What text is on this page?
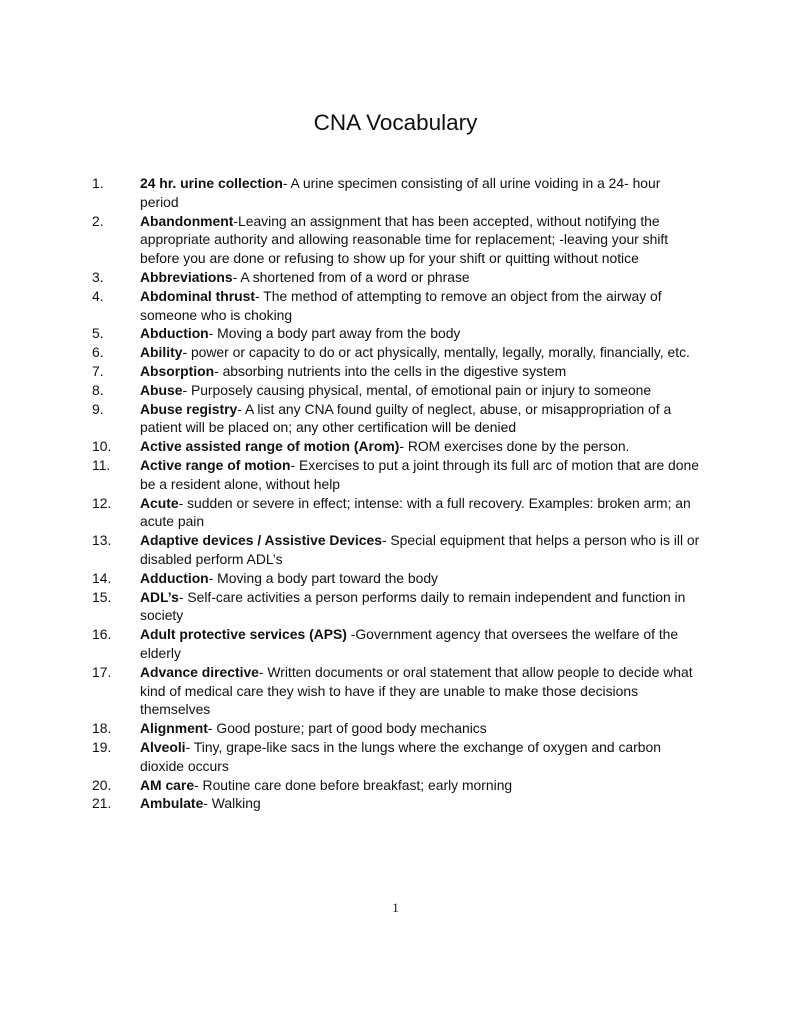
CNA Vocabulary
1.	24 hr. urine collection- A urine specimen consisting of all urine voiding in a 24- hour period
2.	Abandonment-Leaving an assignment that has been accepted, without notifying the appropriate authority and allowing reasonable time for replacement; -leaving your shift before you are done or refusing to show up for your shift or quitting without notice
3.	Abbreviations- A shortened from of a word or phrase
4.	Abdominal thrust- The method of attempting to remove an object from the airway of someone who is choking
5.	Abduction- Moving a body part away from the body
6.	Ability- power or capacity to do or act physically, mentally, legally, morally, financially, etc.
7.	Absorption- absorbing nutrients into the cells in the digestive system
8.	Abuse- Purposely causing physical, mental, of emotional pain or injury to someone
9.	Abuse registry- A list any CNA found guilty of neglect, abuse, or misappropriation of a patient will be placed on; any other certification will be denied
10.	Active assisted range of motion (Arom)- ROM exercises done by the person.
11.	Active range of motion- Exercises to put a joint through its full arc of motion that are done be a resident alone, without help
12.	Acute- sudden or severe in effect; intense: with a full recovery. Examples: broken arm; an acute pain
13.	Adaptive devices / Assistive Devices- Special equipment that helps a person who is ill or disabled perform ADL’s
14.	Adduction- Moving a body part toward the body
15.	ADL’s- Self-care activities a person performs daily to remain independent and function in society
16.	Adult protective services (APS) -Government agency that oversees the welfare of the elderly
17.	Advance directive- Written documents or oral statement that allow people to decide what kind of medical care they wish to have if they are unable to make those decisions themselves
18.	Alignment- Good posture; part of good body mechanics
19.	Alveoli- Tiny, grape-like sacs in the lungs where the exchange of oxygen and carbon dioxide occurs
20.	AM care- Routine care done before breakfast; early morning
21.	Ambulate- Walking
1
